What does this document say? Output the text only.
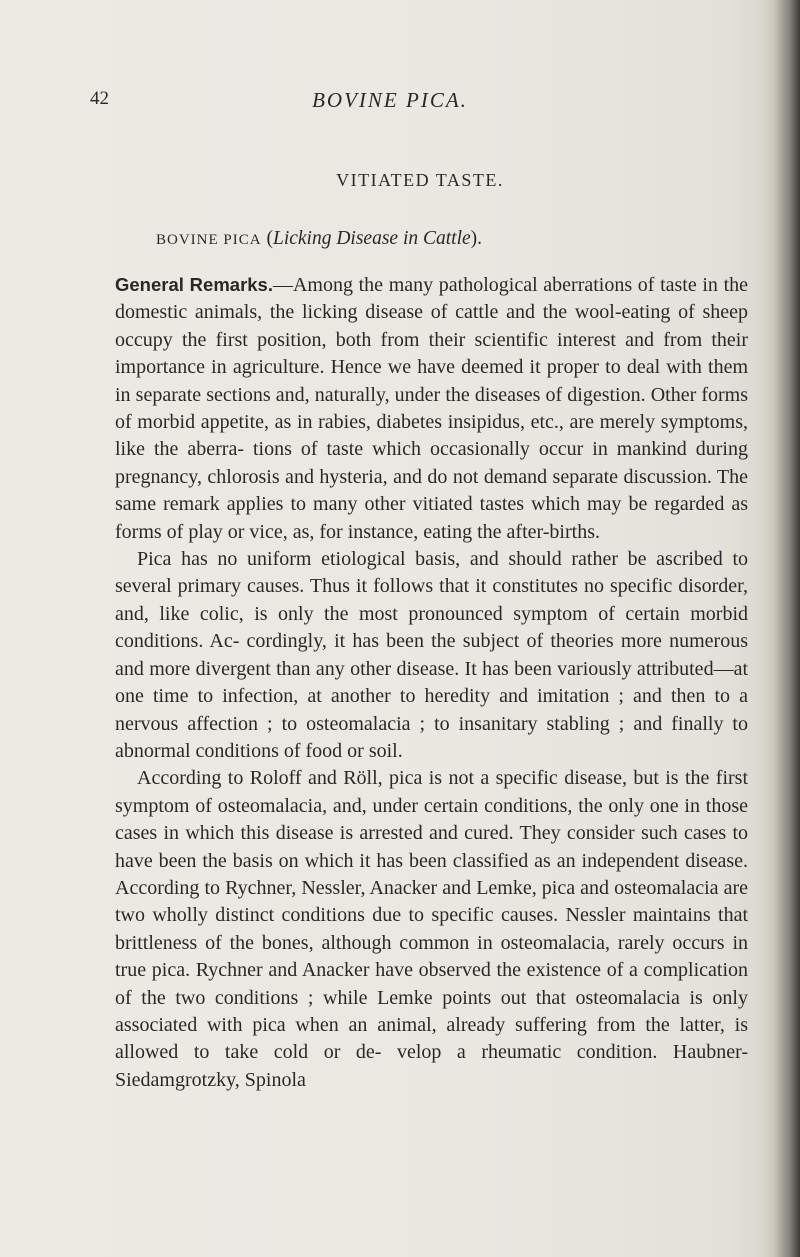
42	BOVINE PICA.
VITIATED TASTE.
BOVINE PICA (Licking Disease in Cattle).

General Remarks.—Among the many pathological aberrations of taste in the domestic animals, the licking disease of cattle and the wool-eating of sheep occupy the first position, both from their scientific interest and from their importance in agriculture. Hence we have deemed it proper to deal with them in separate sections and, naturally, under the diseases of digestion. Other forms of morbid appetite, as in rabies, diabetes insipidus, etc., are merely symptoms, like the aberra- tions of taste which occasionally occur in mankind during pregnancy, chlorosis and hysteria, and do not demand separate discussion. The same remark applies to many other vitiated tastes which may be regarded as forms of play or vice, as, for instance, eating the after-births.

Pica has no uniform etiological basis, and should rather be ascribed to several primary causes. Thus it follows that it constitutes no specific disorder, and, like colic, is only the most pronounced symptom of certain morbid conditions. Ac- cordingly, it has been the subject of theories more numerous and more divergent than any other disease. It has been variously attributed—at one time to infection, at another to heredity and imitation ; and then to a nervous affection ; to osteomalacia ; to insanitary stabling ; and finally to abnormal conditions of food or soil.

According to Roloff and Röll, pica is not a specific disease, but is the first symptom of osteomalacia, and, under certain conditions, the only one in those cases in which this disease is arrested and cured. They consider such cases to have been the basis on which it has been classified as an independent disease. According to Rychner, Nessler, Anacker and Lemke, pica and osteomalacia are two wholly distinct conditions due to specific causes. Nessler maintains that brittleness of the bones, although common in osteomalacia, rarely occurs in true pica. Rychner and Anacker have observed the existence of a complication of the two conditions ; while Lemke points out that osteomalacia is only associated with pica when an animal, already suffering from the latter, is allowed to take cold or de- velop a rheumatic condition. Haubner-Siedamgrotzky, Spinola
